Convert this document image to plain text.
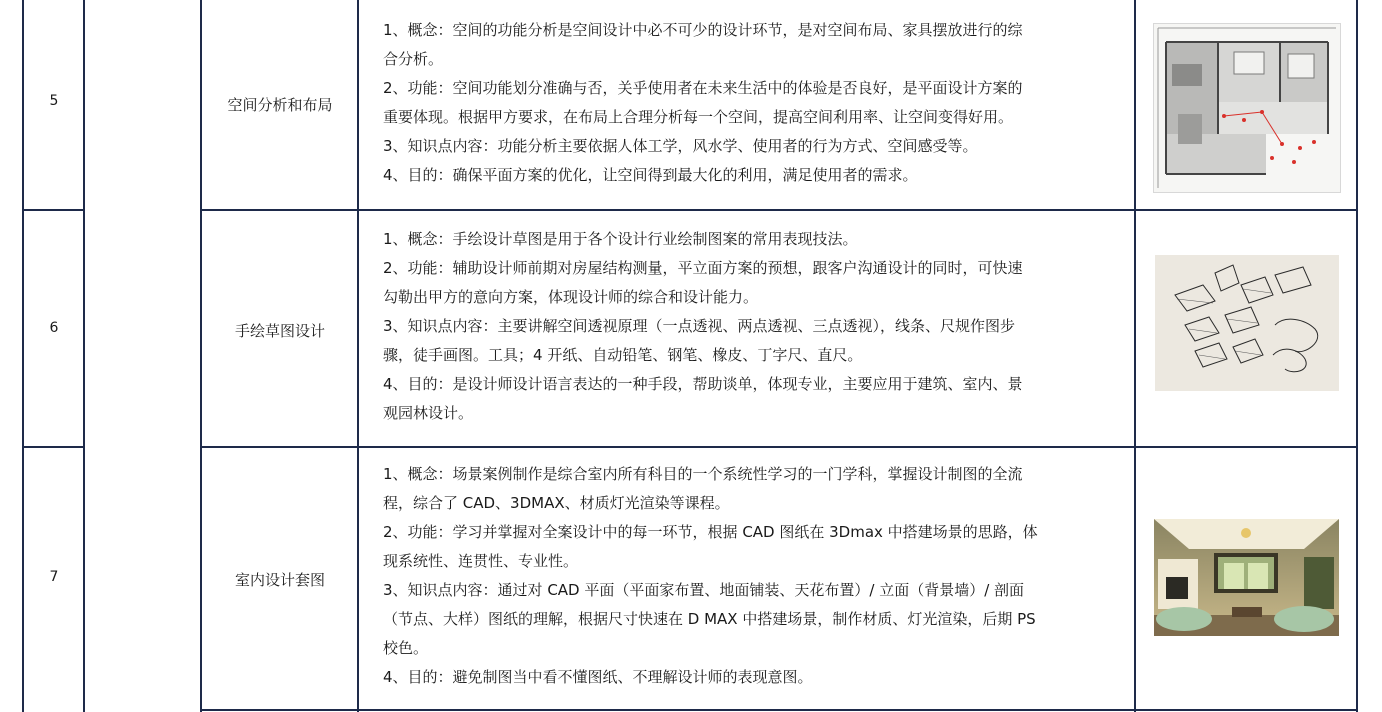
5	空间分析和布局

1、概念：空间的功能分析是空间设计中必不可少的设计环节，是对空间布局、家具摆放进行的综

合分析。

2、功能：空间功能划分准确与否，关乎使用者在未来生活中的体验是否良好，是平面设计方案的

重要体现。根据甲方要求，在布局上合理分析每一个空间，提高空间利用率、让空间变得好用。

3、知识点内容：功能分析主要依据人体工学，风水学、使用者的行为方式、空间感受等。

4、目的：确保平面方案的优化，让空间得到最大化的利用，满足使用者的需求。

6	手绘草图设计

1、概念：手绘设计草图是用于各个设计行业绘制图案的常用表现技法。

2、功能：辅助设计师前期对房屋结构测量，平立面方案的预想，跟客户沟通设计的同时，可快速

勾勒出甲方的意向方案，体现设计师的综合和设计能力。

3、知识点内容：主要讲解空间透视原理（一点透视、两点透视、三点透视），线条、尺规作图步

骤，徒手画图。工具；4 开纸、自动铅笔、钢笔、橡皮、丁字尺、直尺。

4、目的：是设计师设计语言表达的一种手段，帮助谈单，体现专业，主要应用于建筑、室内、景

观园林设计。

7	室内设计套图

1、概念：场景案例制作是综合室内所有科目的一个系统性学习的一门学科，掌握设计制图的全流

程，综合了 CAD、3DMAX、材质灯光渲染等课程。

2、功能：学习并掌握对全案设计中的每一环节，根据 CAD 图纸在 3Dmax 中搭建场景的思路，体

现系统性、连贯性、专业性。

3、知识点内容：通过对 CAD 平面（平面家布置、地面铺装、天花布置）/ 立面（背景墙）/ 剖面

（节点、大样）图纸的理解，根据尺寸快速在 D MAX 中搭建场景，制作材质、灯光渲染，后期 PS

校色。

4、目的：避免制图当中看不懂图纸、不理解设计师的表现意图。
